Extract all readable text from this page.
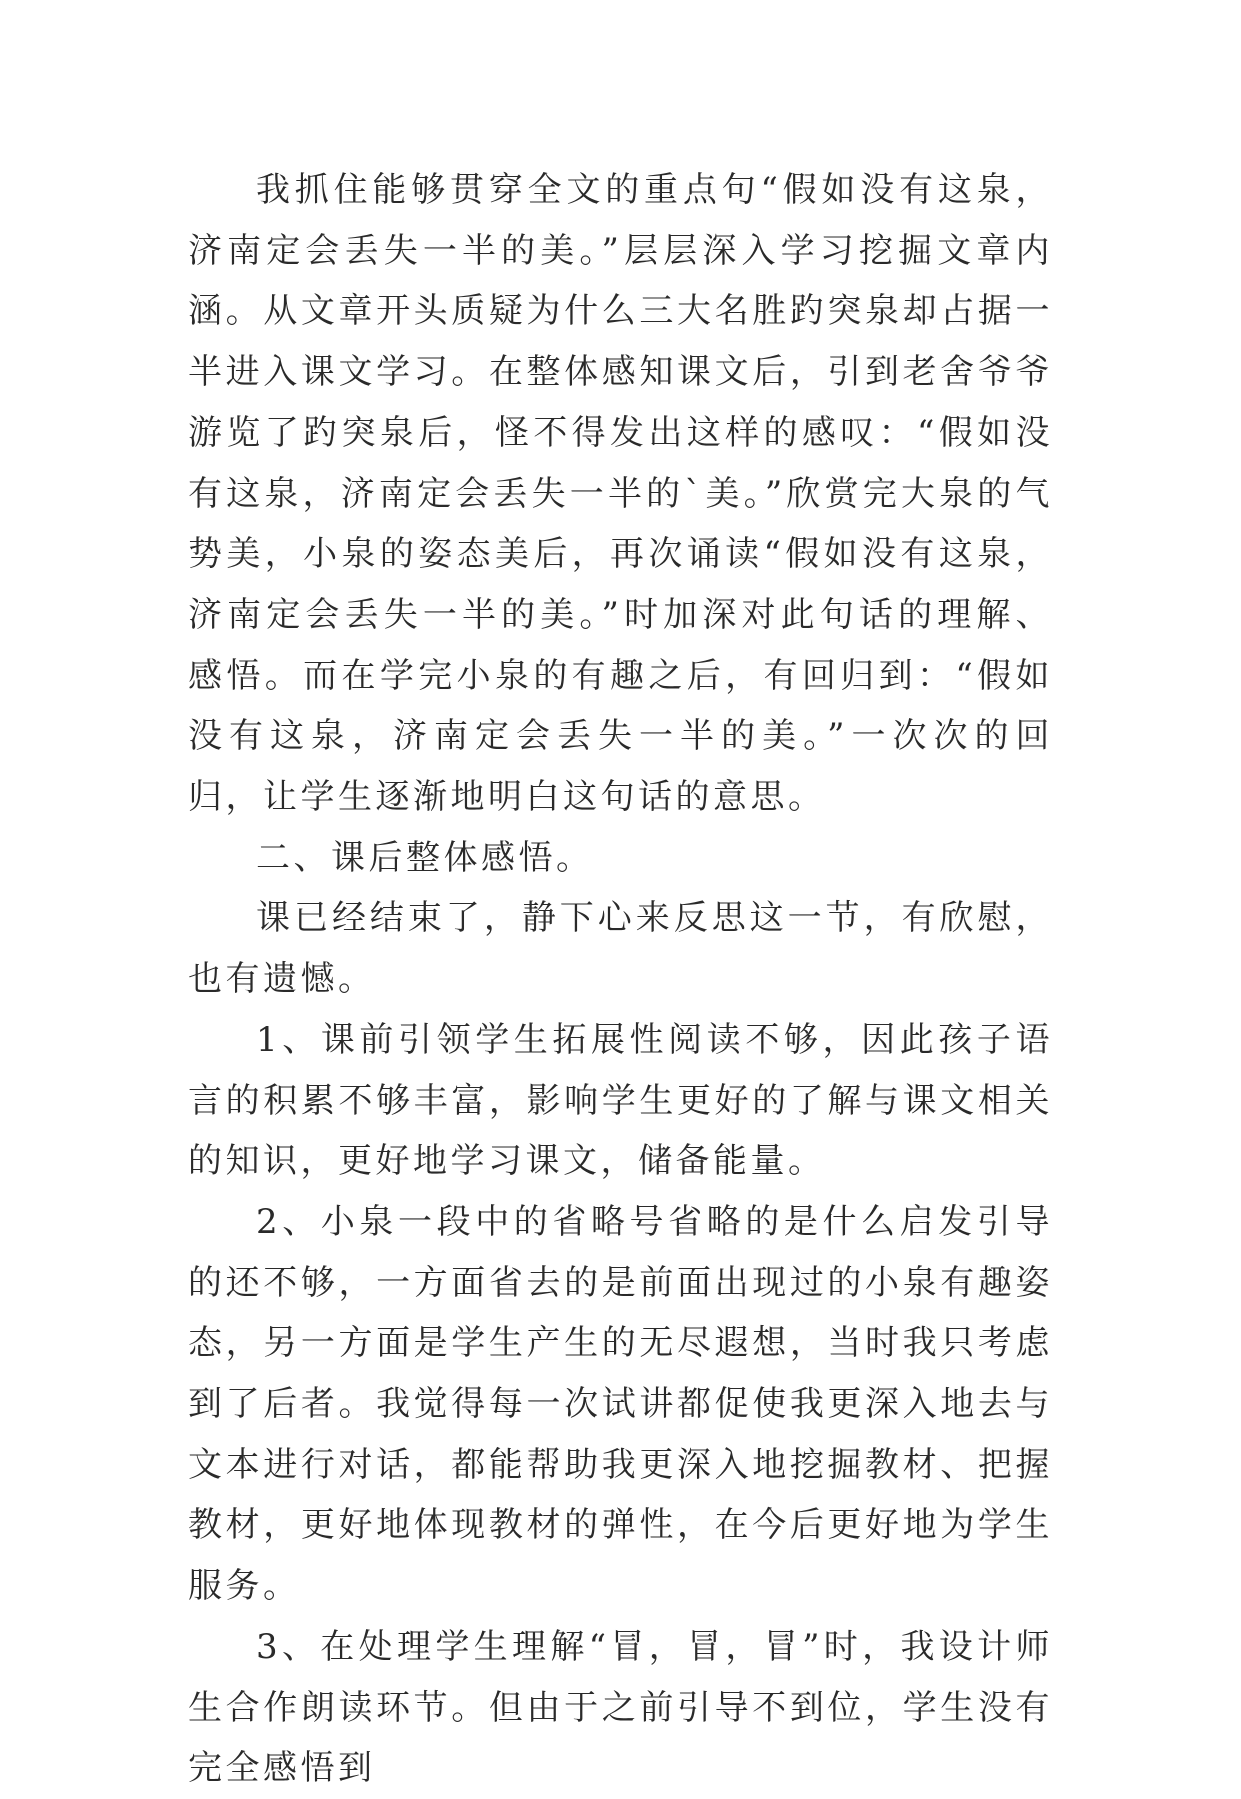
我抓住能够贯穿全文的重点句“假如没有这泉，济南定会丢失一半的美。”层层深入学习挖掘文章内涵。从文章开头质疑为什么三大名胜趵突泉却占据一半进入课文学习。在整体感知课文后，引到老舍爷爷游览了趵突泉后，怪不得发出这样的感叹：“假如没有这泉，济南定会丢失一半的`美。”欣赏完大泉的气势美，小泉的姿态美后，再次诵读“假如没有这泉，济南定会丢失一半的美。”时加深对此句话的理解、感悟。而在学完小泉的有趣之后，有回归到：“假如没有这泉，济南定会丢失一半的美。”一次次的回归，让学生逐渐地明白这句话的意思。

二、课后整体感悟。

课已经结束了，静下心来反思这一节，有欣慰，也有遗憾。

1、课前引领学生拓展性阅读不够，因此孩子语言的积累不够丰富，影响学生更好的了解与课文相关的知识，更好地学习课文，储备能量。

2、小泉一段中的省略号省略的是什么启发引导的还不够，一方面省去的是前面出现过的小泉有趣姿态，另一方面是学生产生的无尽遐想，当时我只考虑到了后者。我觉得每一次试讲都促使我更深入地去与文本进行对话，都能帮助我更深入地挖掘教材、把握教材，更好地体现教材的弹性，在今后更好地为学生服务。

3、在处理学生理解“冒，冒，冒”时，我设计师生合作朗读环节。但由于之前引导不到位，学生没有完全感悟到
